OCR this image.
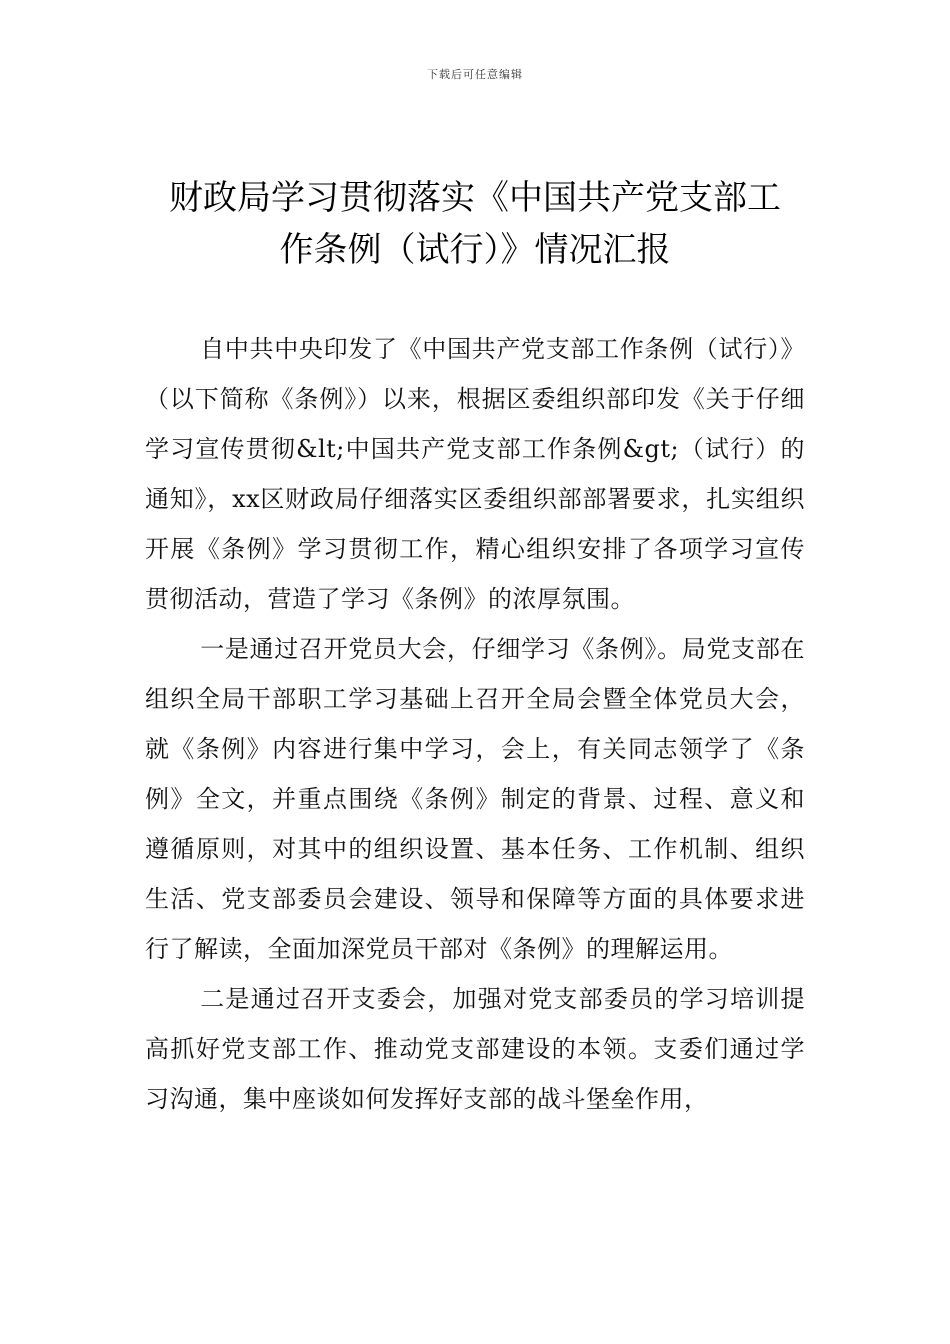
下载后可任意编辑
财政局学习贯彻落实《中国共产党支部工
作条例（试行）》情况汇报

自中共中央印发了《中国共产党支部工作条例（试行）》（以下简称《条例》）以来，根据区委组织部印发《关于仔细学习宣传贯彻&lt;中国共产党支部工作条例&gt;（试行）的通知》，xx区财政局仔细落实区委组织部部署要求，扎实组织开展《条例》学习贯彻工作，精心组织安排了各项学习宣传贯彻活动，营造了学习《条例》的浓厚氛围。

一是通过召开党员大会，仔细学习《条例》。局党支部在组织全局干部职工学习基础上召开全局会暨全体党员大会，就《条例》内容进行集中学习，会上，有关同志领学了《条例》全文，并重点围绕《条例》制定的背景、过程、意义和遵循原则，对其中的组织设置、基本任务、工作机制、组织生活、党支部委员会建设、领导和保障等方面的具体要求进行了解读，全面加深党员干部对《条例》的理解运用。

二是通过召开支委会，加强对党支部委员的学习培训提高抓好党支部工作、推动党支部建设的本领。支委们通过学习沟通，集中座谈如何发挥好支部的战斗堡垒作用，
